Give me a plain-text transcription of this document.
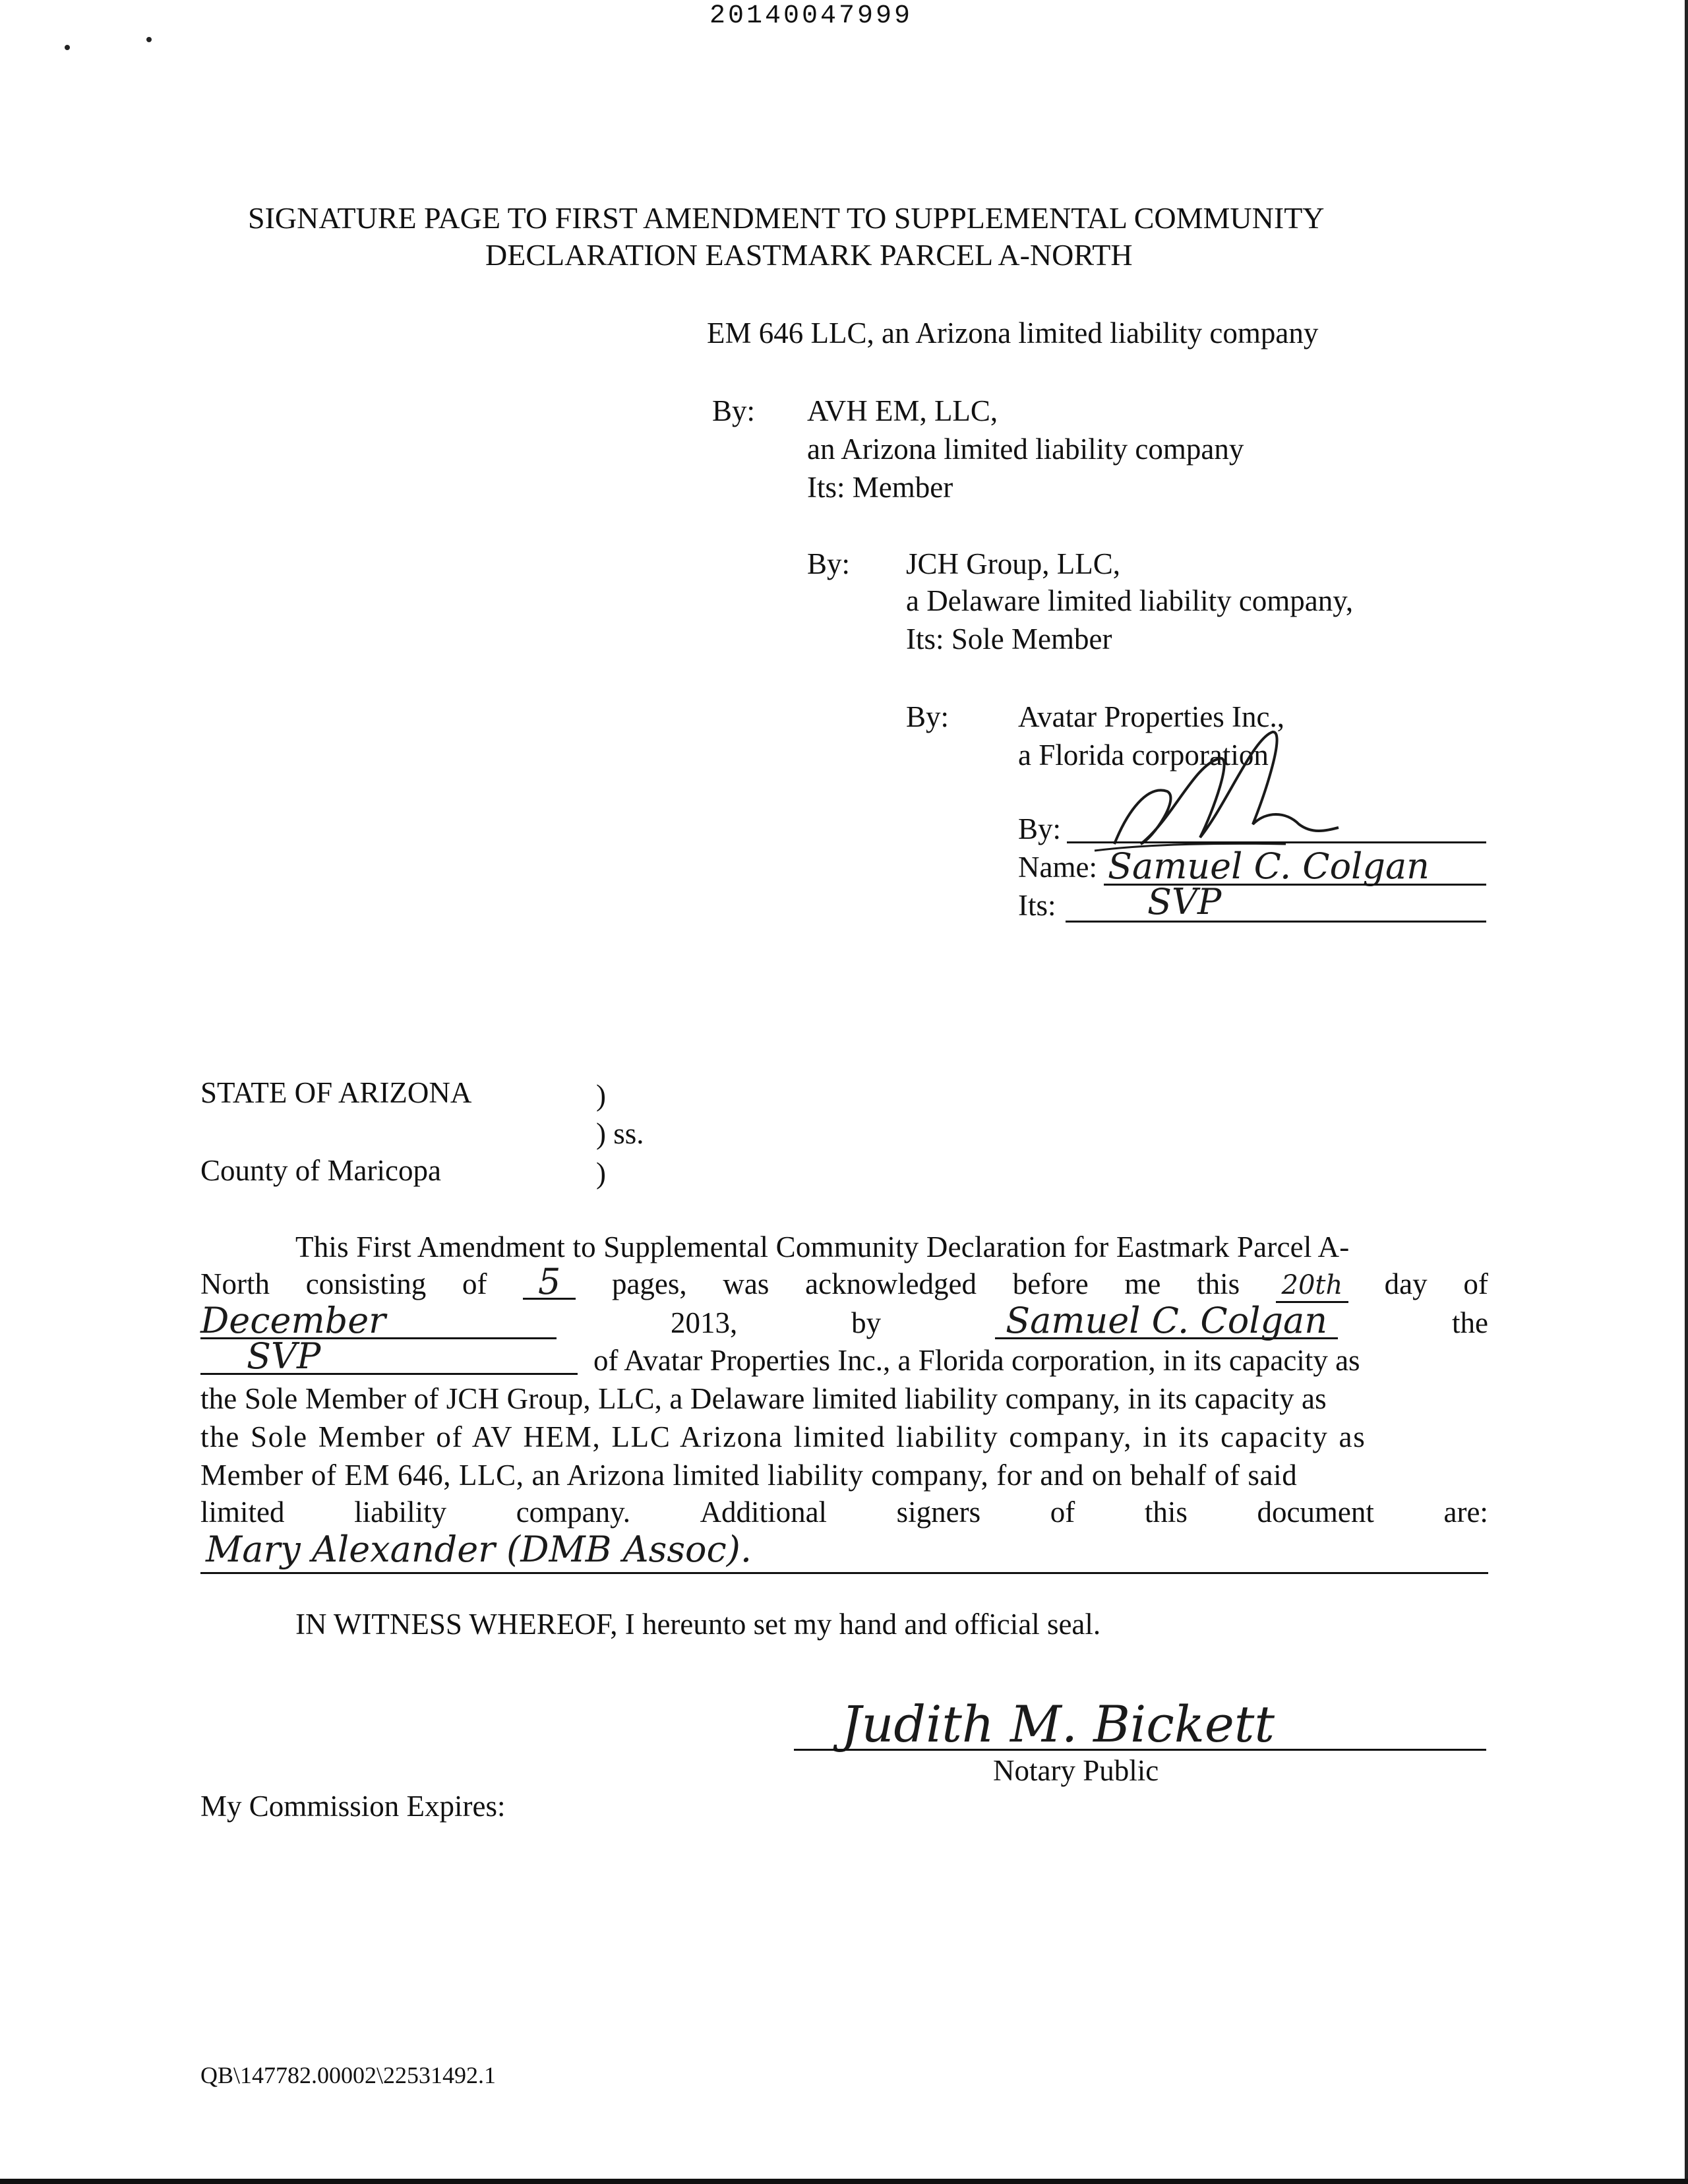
20140047999
SIGNATURE PAGE TO FIRST AMENDMENT TO SUPPLEMENTAL COMMUNITY
DECLARATION EASTMARK PARCEL A-NORTH
EM 646 LLC, an Arizona limited liability company
By: AVH EM, LLC,
an Arizona limited liability company
Its: Member
By: JCH Group, LLC,
a Delaware limited liability company,
Its: Sole Member
By: Avatar Properties Inc.,
a Florida corporation
By:
Name: Samuel C. Colgan
Its:	SVP
STATE OF ARIZONA	)
) ss.
County of Maricopa	)
This First Amendment to Supplemental Community Declaration for Eastmark Parcel A-
North consisting of	5	pages, was acknowledged before me this 20th day of
December	2013,	by	Samuel C. Colgan	the
SVP	of Avatar Properties Inc., a Florida corporation, in its capacity as
the Sole Member of JCH Group, LLC, a Delaware limited liability company, in its capacity as
the Sole Member of AV HEM, LLC Arizona limited liability company, in its capacity as
Member of EM 646, LLC, an Arizona limited liability company, for and on behalf of said
limited liability company. Additional signers of this document are:
Mary Alexander (DMB Assoc).
IN WITNESS WHEREOF, I hereunto set my hand and official seal.
Judith M. Bickett
Notary Public
My Commission Expires:
QB\147782.00002\22531492.1
